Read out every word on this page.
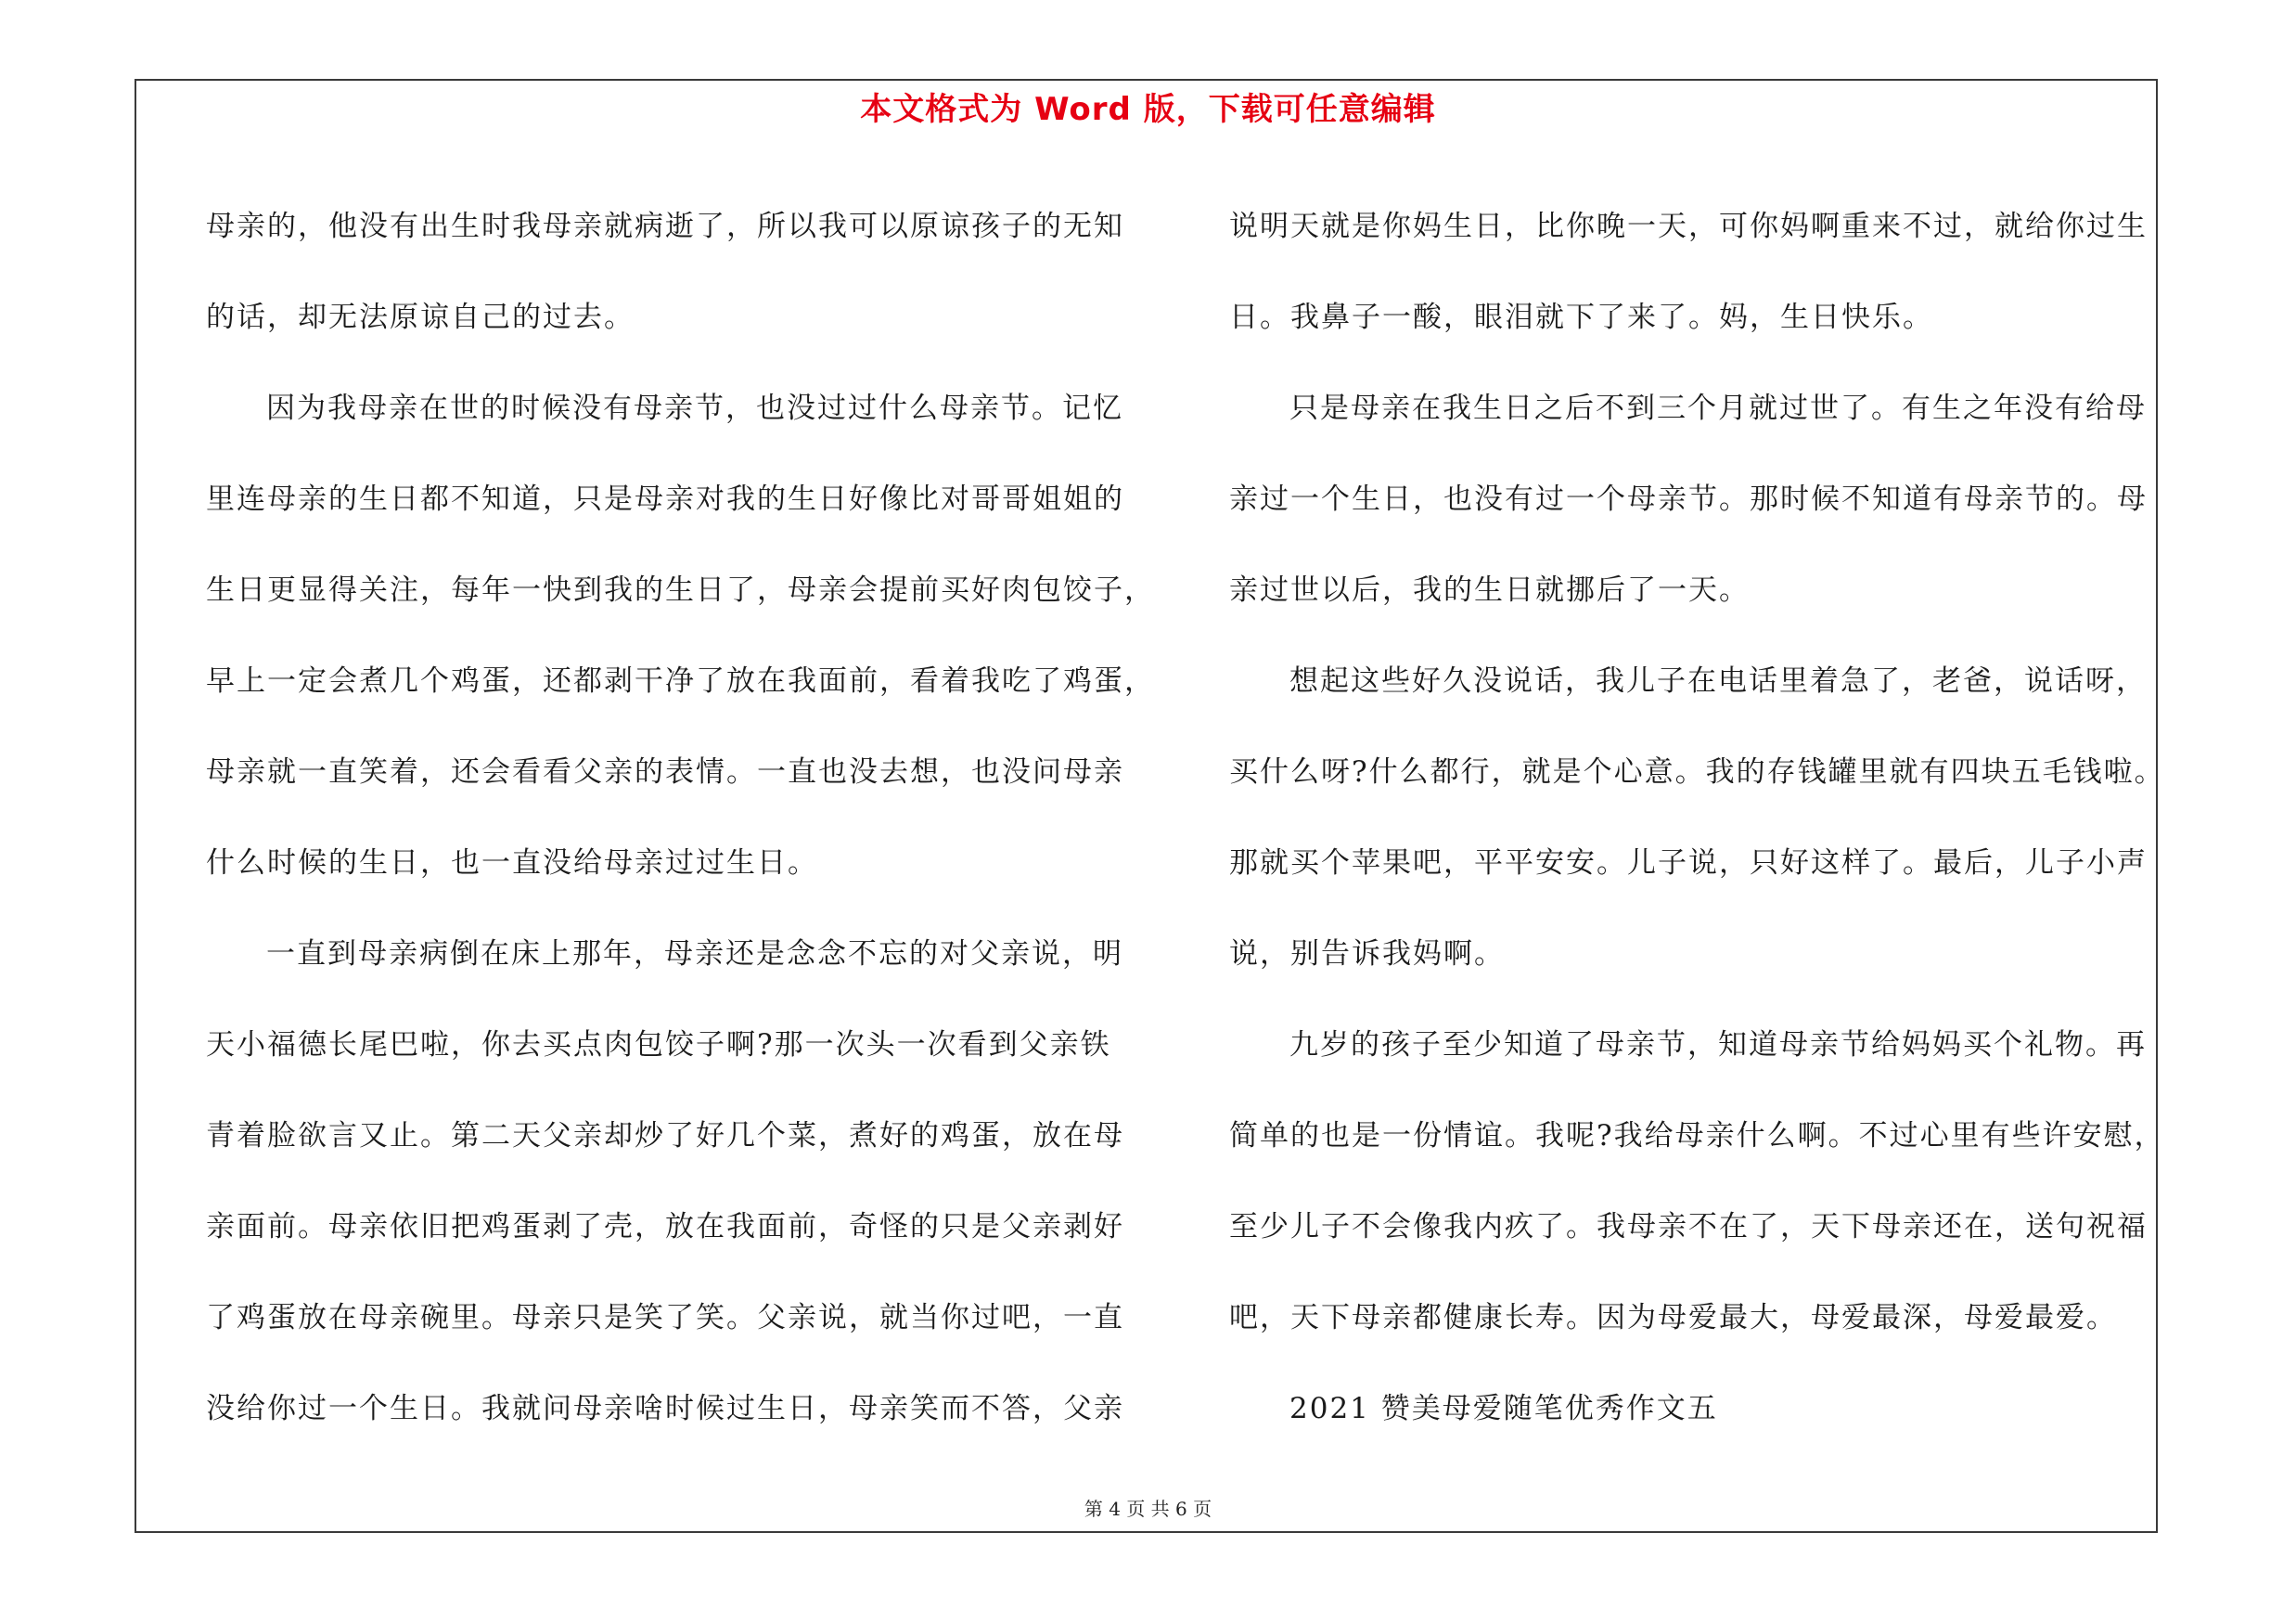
本文格式为 Word 版，下载可任意编辑
母亲的，他没有出生时我母亲就病逝了，所以我可以原谅孩子的无知
的话，却无法原谅自己的过去。
因为我母亲在世的时候没有母亲节，也没过过什么母亲节。记忆
里连母亲的生日都不知道，只是母亲对我的生日好像比对哥哥姐姐的
生日更显得关注，每年一快到我的生日了，母亲会提前买好肉包饺子，
早上一定会煮几个鸡蛋，还都剥干净了放在我面前，看着我吃了鸡蛋，
母亲就一直笑着，还会看看父亲的表情。一直也没去想，也没问母亲
什么时候的生日，也一直没给母亲过过生日。
一直到母亲病倒在床上那年，母亲还是念念不忘的对父亲说，明
天小福德长尾巴啦，你去买点肉包饺子啊?那一次头一次看到父亲铁
青着脸欲言又止。第二天父亲却炒了好几个菜，煮好的鸡蛋，放在母
亲面前。母亲依旧把鸡蛋剥了壳，放在我面前，奇怪的只是父亲剥好
了鸡蛋放在母亲碗里。母亲只是笑了笑。父亲说，就当你过吧，一直
没给你过一个生日。我就问母亲啥时候过生日，母亲笑而不答，父亲
说明天就是你妈生日，比你晚一天，可你妈啊重来不过，就给你过生
日。我鼻子一酸，眼泪就下了来了。妈，生日快乐。
只是母亲在我生日之后不到三个月就过世了。有生之年没有给母
亲过一个生日，也没有过一个母亲节。那时候不知道有母亲节的。母
亲过世以后，我的生日就挪后了一天。
想起这些好久没说话，我儿子在电话里着急了，老爸，说话呀，
买什么呀?什么都行，就是个心意。我的存钱罐里就有四块五毛钱啦。
那就买个苹果吧，平平安安。儿子说，只好这样了。最后，儿子小声
说，别告诉我妈啊。
九岁的孩子至少知道了母亲节，知道母亲节给妈妈买个礼物。再
简单的也是一份情谊。我呢?我给母亲什么啊。不过心里有些许安慰，
至少儿子不会像我内疚了。我母亲不在了，天下母亲还在，送句祝福
吧，天下母亲都健康长寿。因为母爱最大，母爱最深，母爱最爱。
2021 赞美母爱随笔优秀作文五
第 4 页 共 6 页
